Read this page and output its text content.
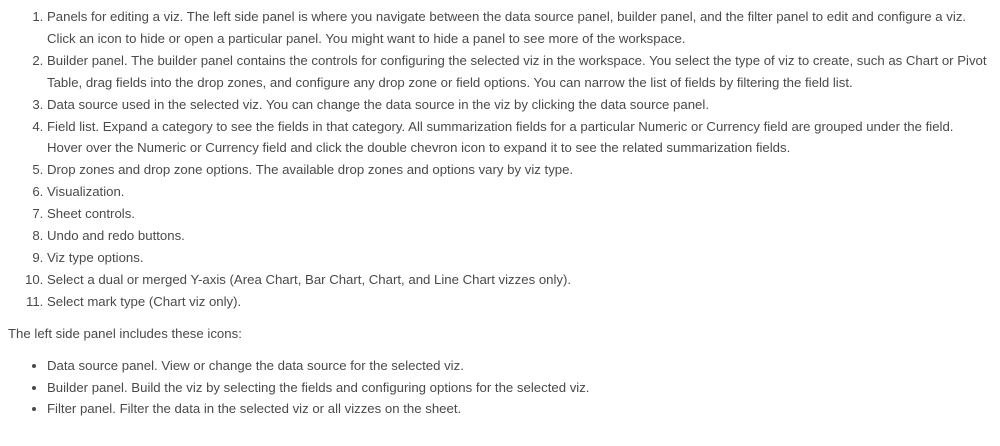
1. Panels for editing a viz. The left side panel is where you navigate between the data source panel, builder panel, and the filter panel to edit and configure a viz. Click an icon to hide or open a particular panel. You might want to hide a panel to see more of the workspace.
2. Builder panel. The builder panel contains the controls for configuring the selected viz in the workspace. You select the type of viz to create, such as Chart or Pivot Table, drag fields into the drop zones, and configure any drop zone or field options. You can narrow the list of fields by filtering the field list.
3. Data source used in the selected viz. You can change the data source in the viz by clicking the data source panel.
4. Field list. Expand a category to see the fields in that category. All summarization fields for a particular Numeric or Currency field are grouped under the field. Hover over the Numeric or Currency field and click the double chevron icon to expand it to see the related summarization fields.
5. Drop zones and drop zone options. The available drop zones and options vary by viz type.
6. Visualization.
7. Sheet controls.
8. Undo and redo buttons.
9. Viz type options.
10. Select a dual or merged Y-axis (Area Chart, Bar Chart, Chart, and Line Chart vizzes only).
11. Select mark type (Chart viz only).

The left side panel includes these icons:

• Data source panel. View or change the data source for the selected viz.
• Builder panel. Build the viz by selecting the fields and configuring options for the selected viz.
• Filter panel. Filter the data in the selected viz or all vizzes on the sheet.
